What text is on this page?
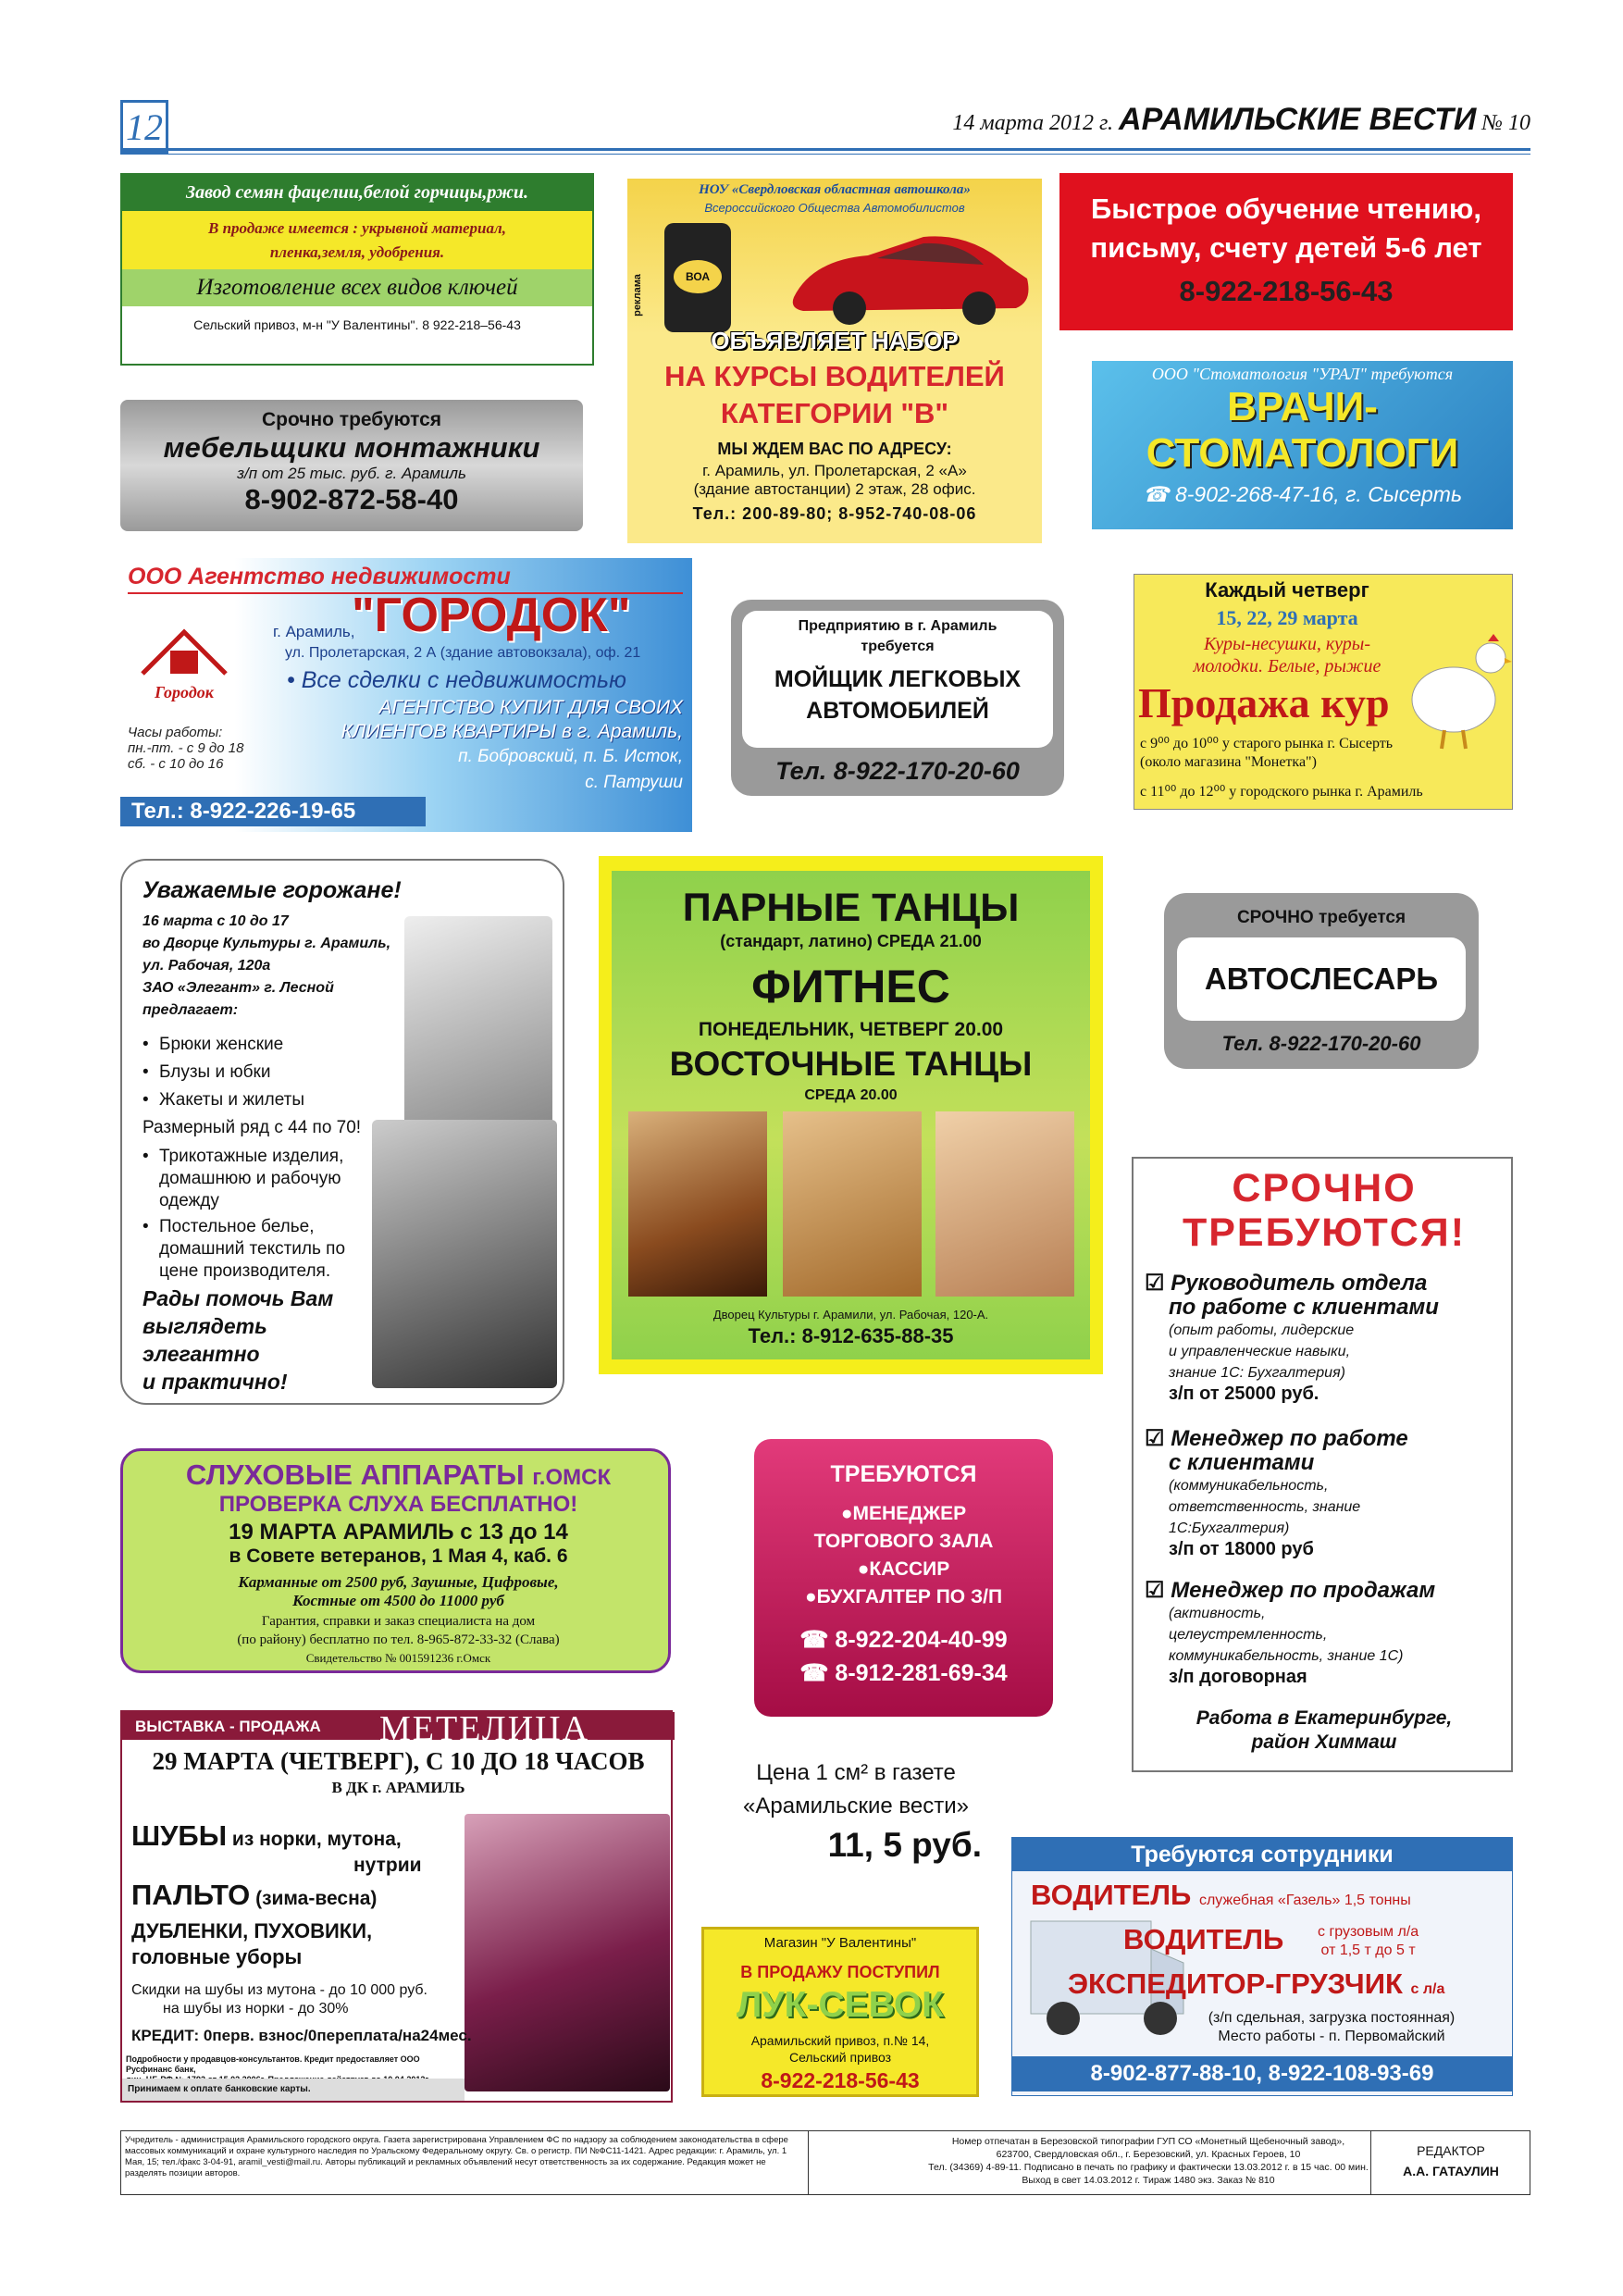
12	14 марта 2012 г. АРАМИЛЬСКИЕ ВЕСТИ № 10
Завод семян фацелии,белой горчицы,ржи.
В продаже имеется : укрывной материал, пленка,земля, удобрения.
Изготовление всех видов ключей
Сельский привоз, м-н "У Валентины". 8 922-218–56-43
НОУ «Свердловская областная автошкола»
Всероссийского Общества Автомобилистов
ВОА
реклама
ОБЪЯВЛЯЕТ НАБОР
НА КУРСЫ ВОДИТЕЛЕЙ
КАТЕГОРИИ "В"
МЫ ЖДЕМ ВАС ПО АДРЕСУ:
г. Арамиль, ул. Пролетарская, 2 «А»
(здание автостанции) 2 этаж, 28 офис.
Тел.: 200-89-80; 8-952-740-08-06
Быстрое обучение чтению,
письму, счету детей 5-6 лет
8-922-218-56-43
Срочно требуются
мебельщики монтажники
з/п от 25 тыс. руб. г. Арамиль
8-902-872-58-40
ООО "Стоматология "УРАЛ" требуются
ВРАЧИ-
СТОМАТОЛОГИ
☎ 8-902-268-47-16, г. Сысерть
ООО Агентство недвижимости
Городок
"ГОРОДОК"
г. Арамиль,
ул. Пролетарская, 2 А (здание автовокзала), оф. 21
• Все сделки с недвижимостью
АГЕНТСТВО КУПИТ ДЛЯ СВОИХ
КЛИЕНТОВ КВАРТИРЫ в г. Арамиль,
п. Бобровский, п. Б. Исток,
с. Патруши
Часы работы:
пн.-пт. - с 9 до 18
сб. - с 10 до 16
Тел.: 8-922-226-19-65
Предприятию в г. Арамиль
требуется
МОЙЩИК ЛЕГКОВЫХ
АВТОМОБИЛЕЙ
Тел. 8-922-170-20-60
Каждый четверг
15, 22, 29 марта
Куры-несушки, куры-
молодки. Белые, рыжие
Продажа кур
с 9⁰⁰ до 10⁰⁰ у старого рынка г. Сысерть
(около магазина "Монетка")
с 11⁰⁰ до 12⁰⁰ у городского рынка г. Арамиль
Уважаемые горожане!
16 марта с 10 до 17
во Дворце Культуры г. Арамиль,
ул. Рабочая, 120а
ЗАО «Элегант» г. Лесной
предлагает:
• Брюки женские
• Блузы и юбки
• Жакеты и жилеты
Размерный ряд с 44 по 70!
• Трикотажные изделия, домашнюю и рабочую одежду
• Постельное белье, домашний текстиль по цене производителя.
Рады помочь Вам
выглядеть
элегантно
и практично!
ПАРНЫЕ ТАНЦЫ
(стандарт, латино) СРЕДА 21.00
ФИТНЕС
ПОНЕДЕЛЬНИК, ЧЕТВЕРГ 20.00
ВОСТОЧНЫЕ ТАНЦЫ
СРЕДА 20.00
Дворец Культуры г. Арамили, ул. Рабочая, 120-А.
Тел.: 8-912-635-88-35
СРОЧНО требуется
АВТОСЛЕСАРЬ
Тел. 8-922-170-20-60
СРОЧНО
ТРЕБУЮТСЯ!
☑ Руководитель отдела
по работе с клиентами
(опыт работы, лидерские
и управленческие навыки,
знание 1С: Бухгалтерия)
з/п от 25000 руб.
☑ Менеджер по работе
с клиентами
(коммуникабельность,
ответственность, знание
1С:Бухгалтерия)
з/п от 18000 руб
☑ Менеджер по продажам
(активность,
целеустремленность,
коммуникабельность, знание 1С)
з/п договорная
Работа в Екатеринбурге,
район Химмаш
СЛУХОВЫЕ АППАРАТЫ г.ОМСК
ПРОВЕРКА СЛУХА БЕСПЛАТНО!
19 МАРТА АРАМИЛЬ с 13 до 14
в Совете ветеранов, 1 Мая 4, каб. 6
Карманные от 2500 руб, Заушные, Цифровые,
Костные от 4500 до 11000 руб
Гарантия, справки и заказ специалиста на дом
(по району) бесплатно по тел. 8-965-872-33-32 (Слава)
Свидетельство № 001591236 г.Омск
ТРЕБУЮТСЯ
●МЕНЕДЖЕР
ТОРГОВОГО ЗАЛА
●КАССИР
●БУХГАЛТЕР ПО З/П
☎ 8-922-204-40-99
☎ 8-912-281-69-34
ВЫСТАВКА - ПРОДАЖА МЕТЕЛИЦА
29 МАРТА (ЧЕТВЕРГ), С 10 ДО 18 ЧАСОВ
В ДК г. АРАМИЛЬ
ШУБЫ из норки, мутона,
нутрии
ПАЛЬТО (зима-весна)
ДУБЛЕНКИ, ПУХОВИКИ,
головные уборы
Скидки на шубы из мутона - до 10 000 руб.
на шубы из норки - до 30%
КРЕДИТ: 0перв. взнос/0переплата/на24мес.
Подробности у продавцов-консультантов. Кредит предоставляет ООО Русфинанс банк,
Принимаем к оплате банковские карты.
Цена 1 см² в газете
«Арамильские вести»
11, 5 руб.
Магазин "У Валентины"
В ПРОДАЖУ ПОСТУПИЛ
ЛУК-СЕВОК
Арамильский привоз, п.№ 14,
Сельский привоз
8-922-218-56-43
Требуются сотрудники
ВОДИТЕЛЬ служебная «Газель» 1,5 тонны
ВОДИТЕЛЬ с грузовым л/а
от 1,5 т до 5 т
ЭКСПЕДИТОР-ГРУЗЧИК с л/а
(з/п сдельная, загрузка постоянная)
Место работы - п. Первомайский
8-902-877-88-10, 8-922-108-93-69
Учредитель - администрация Арамильского городского округа. Газета зарегистрирована Управлением ФС по надзору за соблюдением законодательства в сфере массовых коммуникаций и охране культурного наследия по Уральскому Федеральному округу. Св. о регистр. ПИ №ФС11-1421. Адрес редакции: г. Арамиль, ул. 1 Мая, 15; тел./факс 3-04-91, aramil_vesti@mail.ru. Авторы публикаций и рекламных объявлений несут ответственность за их содержание. Редакция может не разделять позиции авторов.
Номер отпечатан в Березовской типографии ГУП СО «Монетный Щебеночный завод»,
623700, Свердловская обл., г. Березовский, ул. Красных Героев, 10
Тел. (34369) 4-89-11. Подписано в печать по графику и фактически 13.03.2012 г. в 15 час. 00 мин.
Выход в свет 14.03.2012 г. Тираж 1480 экз. Заказ № 810
РЕДАКТОР
А.А. ГАТАУЛИН
